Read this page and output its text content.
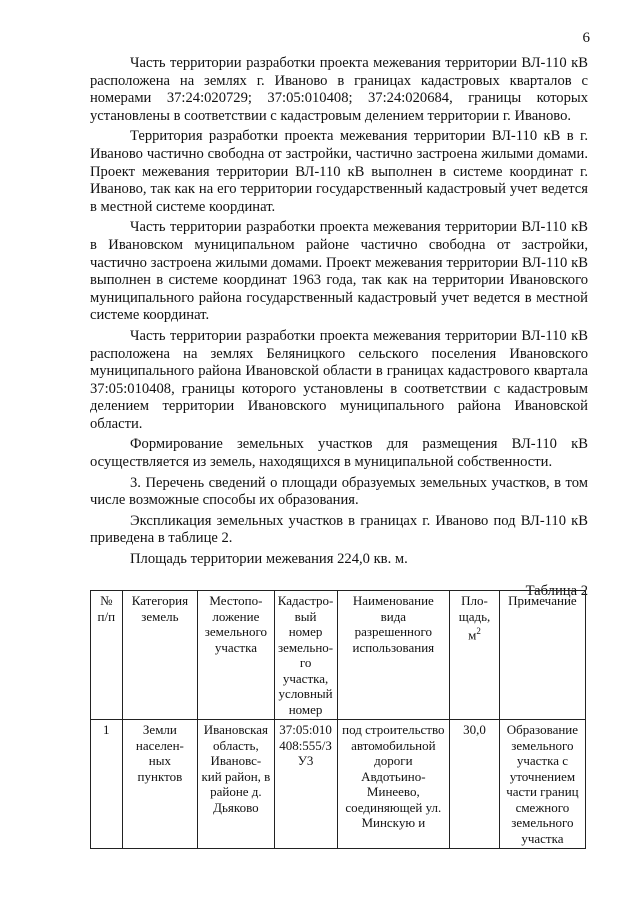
6

Часть территории разработки проекта межевания территории ВЛ-110 кВ расположена на землях г. Иваново в границах кадастровых кварталов с номерами 37:24:020729; 37:05:010408; 37:24:020684, границы которых установлены в соответствии с кадастровым делением территории г. Иваново.

Территория разработки проекта межевания территории ВЛ-110 кВ в г. Иваново частично свободна от застройки, частично застроена жилыми домами. Проект межевания территории ВЛ-110 кВ выполнен в системе координат г. Иваново, так как на его территории государственный кадастровый учет ведется в местной системе координат.

Часть территории разработки проекта межевания территории ВЛ-110 кВ в Ивановском муниципальном районе частично свободна от застройки, частично застроена жилыми домами. Проект межевания территории ВЛ-110 кВ выполнен в системе координат 1963 года, так как на территории Ивановского муниципального района государственный кадастровый учет ведется в местной системе координат.

Часть территории разработки проекта межевания территории ВЛ-110 кВ расположена на землях Беляницкого сельского поселения Ивановского муниципального района Ивановской области в границах кадастрового квартала 37:05:010408, границы которого установлены в соответствии с кадастровым делением территории Ивановского муниципального района Ивановской области.

Формирование земельных участков для размещения ВЛ-110 кВ осуществляется из земель, находящихся в муниципальной собственности.

3. Перечень сведений о площади образуемых земельных участков, в том числе возможные способы их образования.

Экспликация земельных участков в границах г. Иваново под ВЛ-110 кВ приведена в таблице 2.

Площадь территории межевания 224,0 кв. м.

Таблица 2
№ п/п	Категория земель	Местопо-ложение земельного участка	Кадастро-вый номер земельно-го участка, условный номер	Наименование вида разрешенного использования	Пло-щадь, $м^2$	Примечание
1	Земли населен-ных пунктов	Ивановская область, Ивановс-кий район, в районе д. Дьяково	37:05:010 408:555/З У3	под строительство автомобильной дороги Авдотьино-Минеево, соединяющей ул. Минскую и	30,0	Образование земельного участка с уточнением части границ смежного земельного участка
